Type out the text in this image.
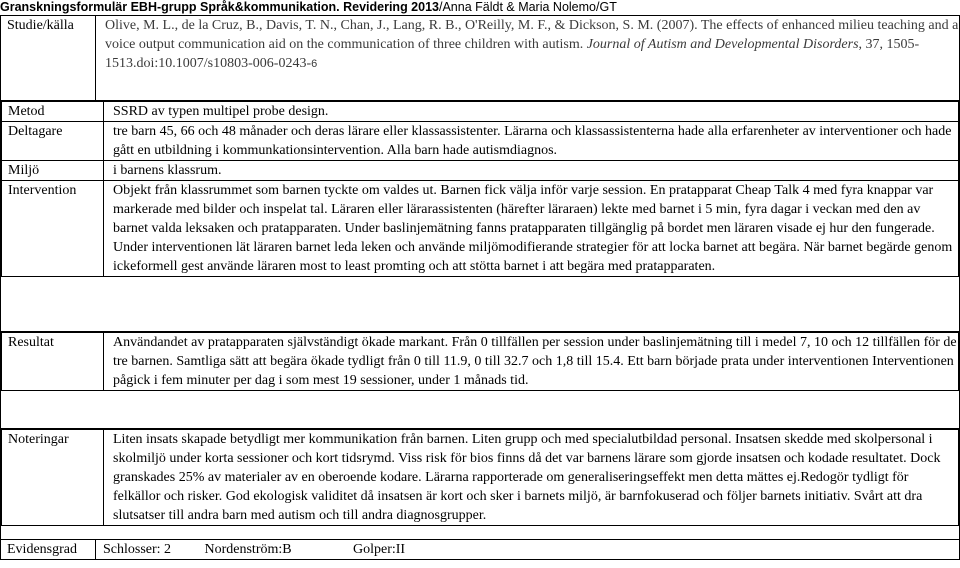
Granskningsformulär EBH-grupp Språk&kommunikation. Revidering 2013/Anna Fäldt & Maria Nolemo/GT
Studie/källa	Olive, M. L., de la Cruz, B., Davis, T. N., Chan, J., Lang, R. B., O'Reilly, M. F., & Dickson, S. M. (2007). The effects of enhanced milieu teaching and a voice output communication aid on the communication of three children with autism. Journal of Autism and Developmental Disorders, 37, 1505-1513.doi:10.1007/s10803-006-0243-6

Metod	SSRD av typen multipel probe design.
Deltagare	tre barn 45, 66 och 48 månader och deras lärare eller klassassistenter. Lärarna och klassassistenterna hade alla erfarenheter av interventioner och hade gått en utbildning i kommunkationsintervention. Alla barn hade autismdiagnos.
Miljö	i barnens klassrum.
Intervention	Objekt från klassrummet som barnen tyckte om valdes ut. Barnen fick välja inför varje session. En pratapparat Cheap Talk 4 med fyra knappar var markerade med bilder och inspelat tal. Läraren eller lärarassistenten (härefter läraraen) lekte med barnet i 5 min, fyra dagar i veckan med den av barnet valda leksaken och pratapparaten. Under baslinjemätning fanns pratapparaten tillgänglig på bordet men läraren visade ej hur den fungerade. Under interventionen lät läraren barnet leda leken och använde miljömodifierande strategier för att locka barnet att begära. När barnet begärde genom ickeformell gest använde läraren most to least promting och att stötta barnet i att begära med pratapparaten.

Resultat	Användandet av pratapparaten självständigt ökade markant. Från 0 tillfällen per session under baslinjemätning till i medel 7, 10 och 12 tillfällen för de tre barnen. Samtliga sätt att begära ökade tydligt från 0 till 11.9, 0 till 32.7 och 1,8 till 15.4. Ett barn började prata under interventionen Interventionen pågick i fem minuter per dag i som mest 19 sessioner, under 1 månads tid.

Noteringar	Liten insats skapade betydligt mer kommunikation från barnen. Liten grupp och med specialutbildad personal. Insatsen skedde med skolpersonal i skolmiljö under korta sessioner och kort tidsrymd. Viss risk för bios finns då det var barnens lärare som gjorde insatsen och kodade resultatet. Dock granskades 25% av materialer av en oberoende kodare. Lärarna rapporterade om generaliseringseffekt men detta mättes ej.Redogör tydligt för felkällor och risker. God ekologisk validitet då insatsen är kort och sker i barnets miljö, är barnfokuserad och följer barnets initiativ. Svårt att dra slutsatser till andra barn med autism och till andra diagnosgrupper.

Evidensgrad	Schlosser: 2 Nordenström:B	Golper:II
